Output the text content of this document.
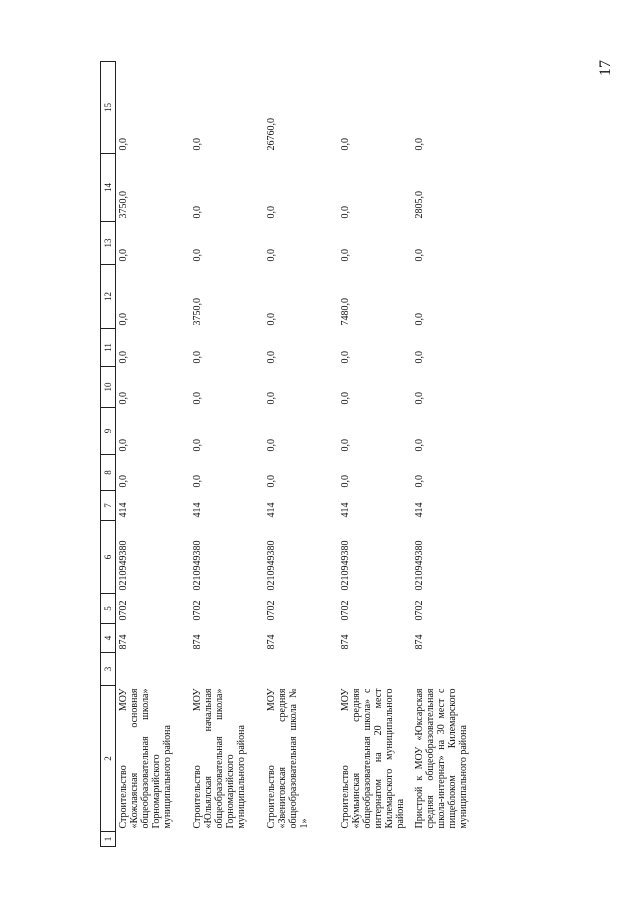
17
1	2	3	4	5	6	7	8	9	10	11	12	13	14	15
	Строительство МОУ «Кожлаясная основная общеобразовательная школа» Горномарийского муниципального района		874	0702	0210949380	414	0,0	0,0	0,0	0,0	0,0	0,0	3750,0	0,0
	Строительство МОУ «Юльялская начальная общеобразовательная школа» Горномарийского муниципального района		874	0702	0210949380	414	0,0	0,0	0,0	0,0	3750,0	0,0	0,0	0,0
	Строительство МОУ «Звениговская средняя общеобразовательная школа № 1»		874	0702	0210949380	414	0,0	0,0	0,0	0,0	0,0	0,0	0,0	26760,0
	Строительство МОУ «Кумьинская средняя общеобразовательная школа» с интернатом на 20 мест Килемарского муниципального района		874	0702	0210949380	414	0,0	0,0	0,0	0,0	7480,0	0,0	0,0	0,0
	Пристрой к МОУ «Юксарская средняя общеобразовательная школа-интернат» на 30 мест с пищеблоком Килемарского муниципального района		874	0702	0210949380	414	0,0	0,0	0,0	0,0	0,0	0,0	2805,0	0,0
